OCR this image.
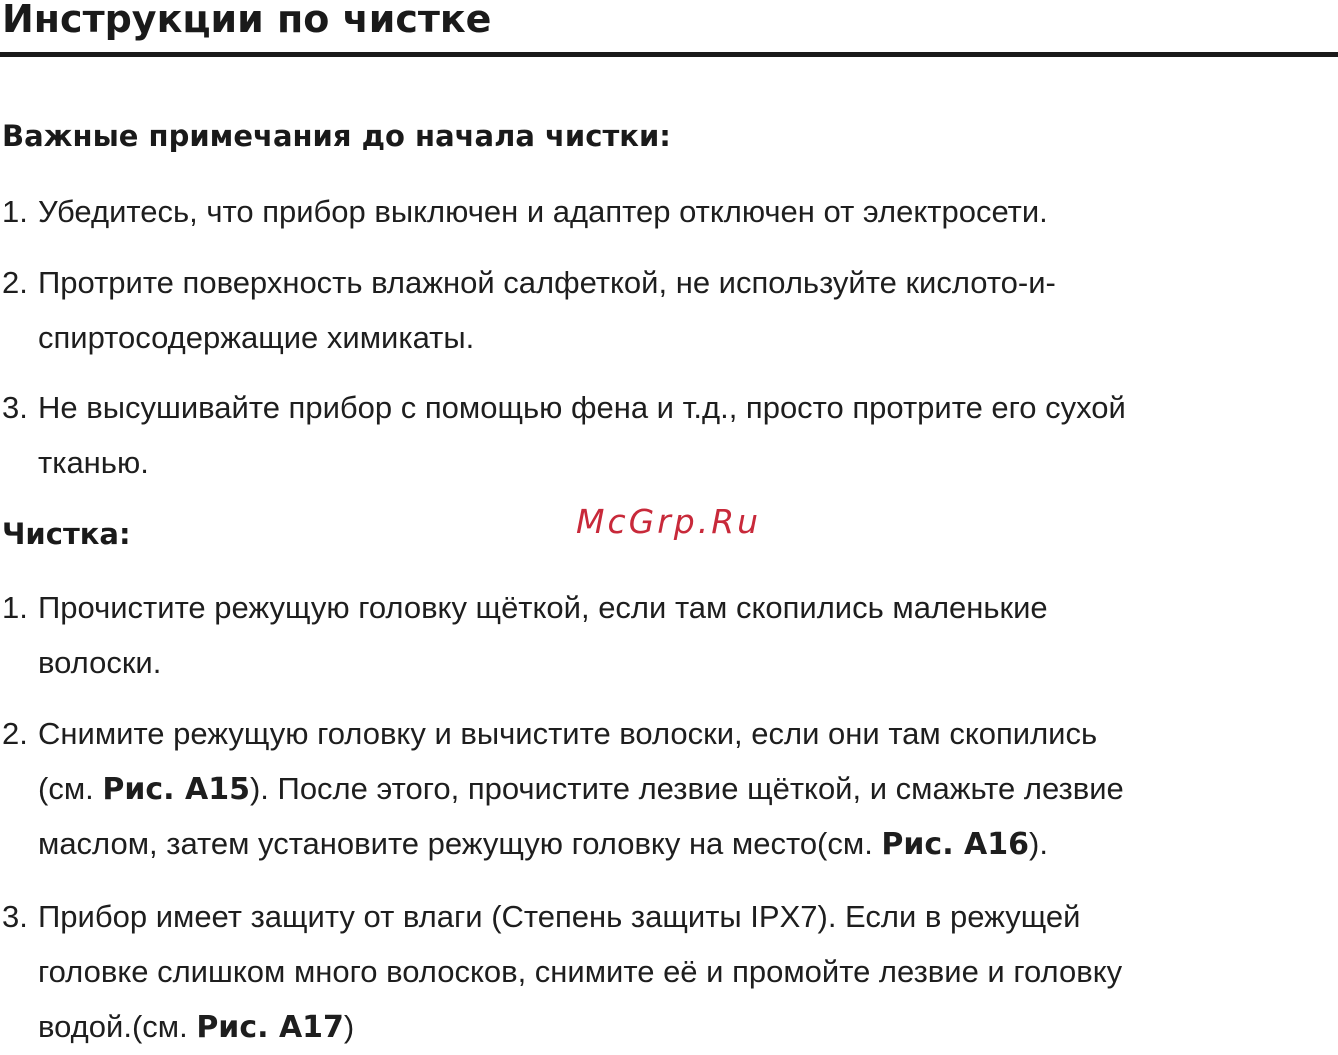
Инструкции по чистке
Важные примечания до начала чистки:
1. Убедитесь, что прибор выключен и адаптер отключен от электросети.
2. Протрите поверхность влажной салфеткой, не используйте кислото-и-
спиртосодержащие химикаты.
3. Не высушивайте прибор с помощью фена и т.д., просто протрите его сухой
тканью.
Чистка:	McGrp.Ru
1. Прочистите режущую головку щёткой, если там скопились маленькие
волоски.
2. Снимите режущую головку и вычистите волоски, если они там скопились
(см. Рис. А15). После этого, прочистите лезвие щёткой, и смажьте лезвие
маслом, затем установите режущую головку на место(см. Рис. А16).
3. Прибор имеет защиту от влаги (Степень защиты IPX7). Если в режущей
головке слишком много волосков, снимите её и промойте лезвие и головку
водой.(см. Рис. А17)
